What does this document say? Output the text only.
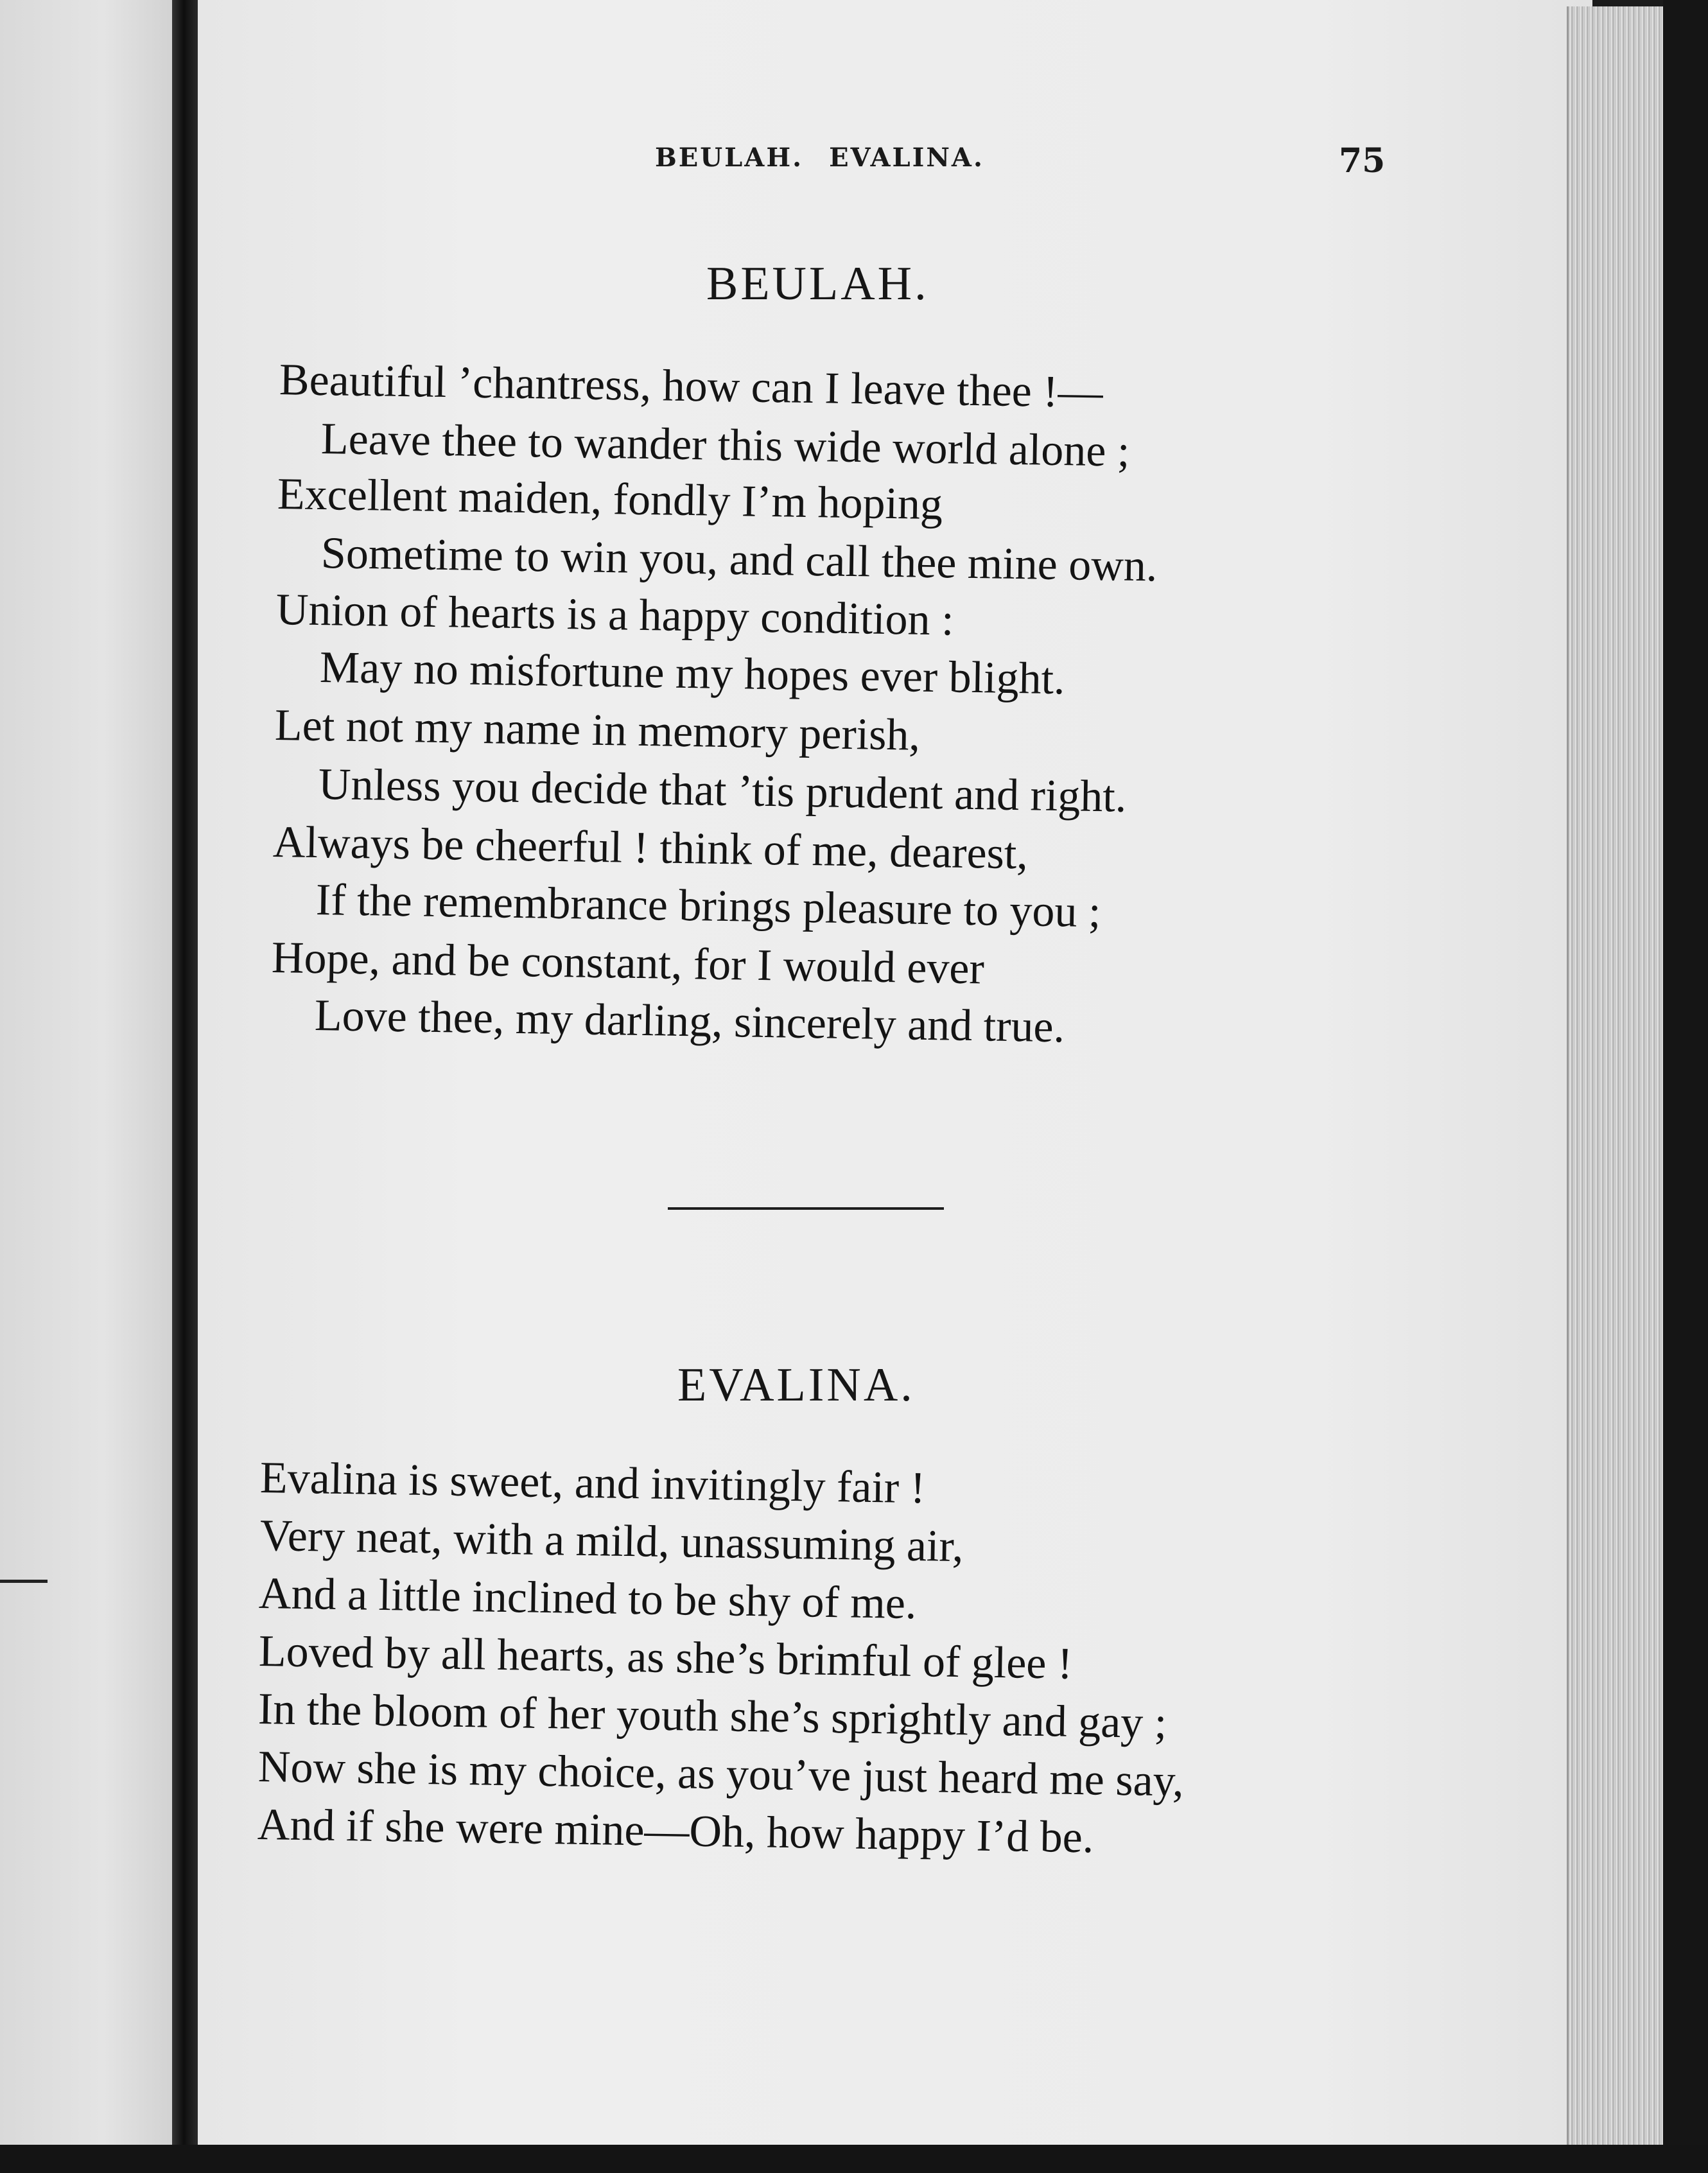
BEULAH. EVALINA.	75
BEULAH.
Beautiful ’chantress, how can I leave thee !—
Leave thee to wander this wide world alone ;
Excellent maiden, fondly I’m hoping
Sometime to win you, and call thee mine own.
Union of hearts is a happy condition :
May no misfortune my hopes ever blight.
Let not my name in memory perish,
Unless you decide that ’tis prudent and right.
Always be cheerful ! think of me, dearest,
If the remembrance brings pleasure to you ;
Hope, and be constant, for I would ever
Love thee, my darling, sincerely and true.
EVALINA.
Evalina is sweet, and invitingly fair !
Very neat, with a mild, unassuming air,
And a little inclined to be shy of me.
Loved by all hearts, as she’s brimful of glee !
In the bloom of her youth she’s sprightly and gay ;
Now she is my choice, as you’ve just heard me say,
And if she were mine—Oh, how happy I’d be.
